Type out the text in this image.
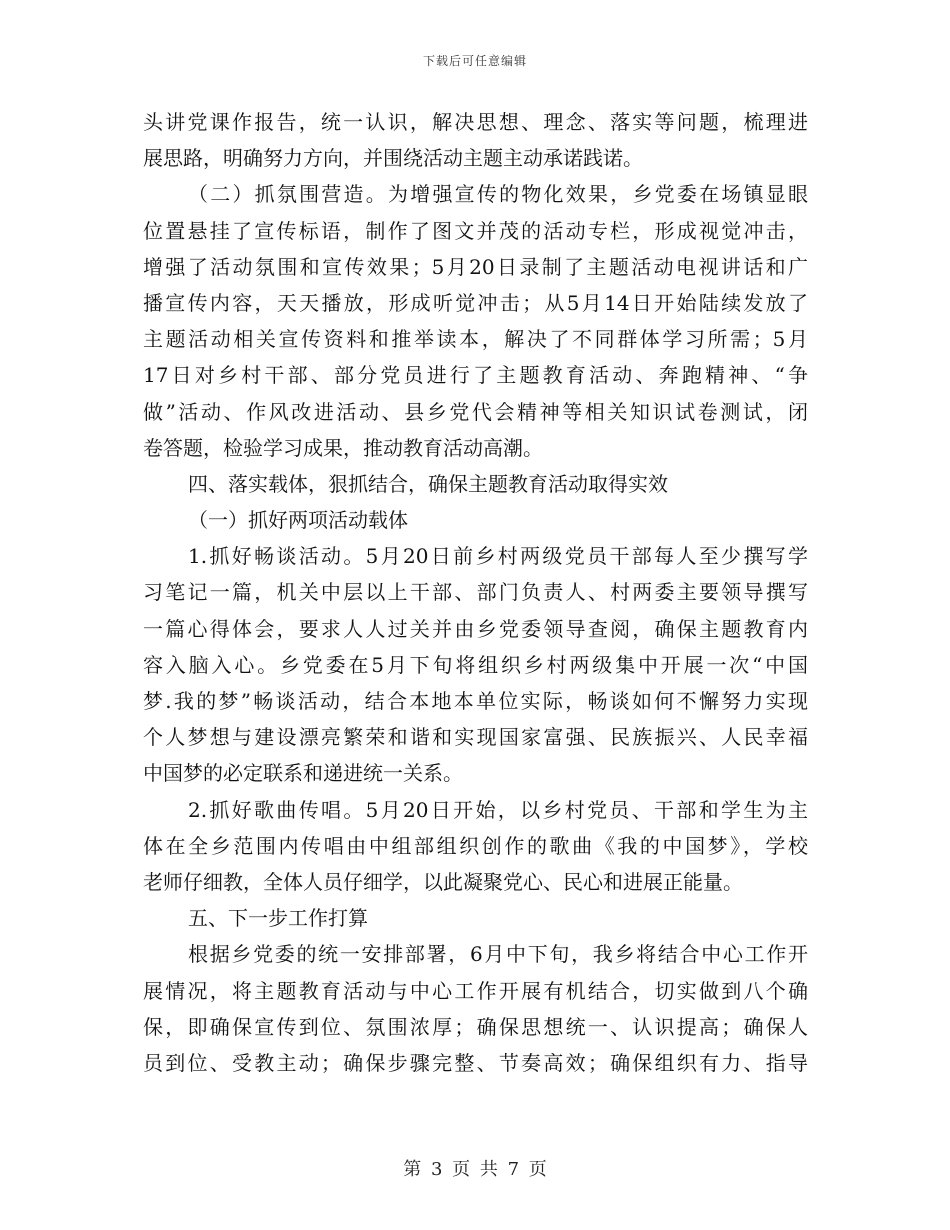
下载后可任意编辑
头讲党课作报告，统一认识，解决思想、理念、落实等问题，梳理进
展思路，明确努力方向，并围绕活动主题主动承诺践诺。
（二）抓氛围营造。为增强宣传的物化效果，乡党委在场镇显眼
位置悬挂了宣传标语，制作了图文并茂的活动专栏，形成视觉冲击，
增强了活动氛围和宣传效果；5月20日录制了主题活动电视讲话和广
播宣传内容，天天播放，形成听觉冲击；从5月14日开始陆续发放了
主题活动相关宣传资料和推举读本，解决了不同群体学习所需；5月
17日对乡村干部、部分党员进行了主题教育活动、奔跑精神、“争
做”活动、作风改进活动、县乡党代会精神等相关知识试卷测试，闭
卷答题，检验学习成果，推动教育活动高潮。
四、落实载体，狠抓结合，确保主题教育活动取得实效
（一）抓好两项活动载体
1.抓好畅谈活动。5月20日前乡村两级党员干部每人至少撰写学
习笔记一篇，机关中层以上干部、部门负责人、村两委主要领导撰写
一篇心得体会，要求人人过关并由乡党委领导查阅，确保主题教育内
容入脑入心。乡党委在5月下旬将组织乡村两级集中开展一次“中国
梦.我的梦”畅谈活动，结合本地本单位实际，畅谈如何不懈努力实现
个人梦想与建设漂亮繁荣和谐和实现国家富强、民族振兴、人民幸福
中国梦的必定联系和递进统一关系。
2.抓好歌曲传唱。5月20日开始，以乡村党员、干部和学生为主
体在全乡范围内传唱由中组部组织创作的歌曲《我的中国梦》，学校
老师仔细教，全体人员仔细学，以此凝聚党心、民心和进展正能量。
五、下一步工作打算
根据乡党委的统一安排部署，6月中下旬，我乡将结合中心工作开
展情况，将主题教育活动与中心工作开展有机结合，切实做到八个确
保，即确保宣传到位、氛围浓厚；确保思想统一、认识提高；确保人
员到位、受教主动；确保步骤完整、节奏高效；确保组织有力、指导
第 3 页 共 7 页
